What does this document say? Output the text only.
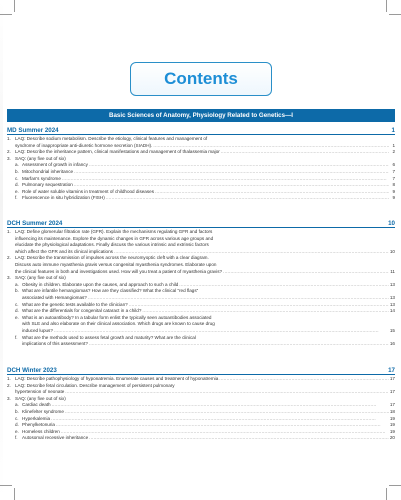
Contents
Basic Sciences of Anatomy, Physiology Related to Genetics—I
MD Summer 2024	1
1. LAQ: Describe sodium metabolism. Describe the etiology, clinical features and management of
syndrome of inappropriate anti-diuretic hormone secretion (SIADH). .....	1
2. LAQ: Describe the inheritance pattern, clinical manifestations and management of thalassemia major .....	2
3. SAQ: (any five out of six)
a. Assessment of growth in infancy .....	6
b. Mitochondrial inheritance .....	7
c. Marfan's syndrome .....	7
d. Pulmonary sequestration .....	8
e. Role of water soluble vitamins in treatment of childhood diseases .....	9
f. Fluorescence in situ hybridization (FISH) .....	9
DCH Summer 2024	10
1. LAQ: Define glomerular filtration rate (GFR). Explain the mechanisms regulating GFR and factors
influencing its maintenance. Explore the dynamic changes in GFR across various age groups and
elucidate the physiological adaptations. Finally discuss the various intrinsic and extrinsic factors
which affect the GFR and its clinical implications .....	10
2. LAQ: Describe the transmission of impulses across the neuromyoptic cleft with a clear diagram.
Discuss auto immune myasthenia gravis versus congenital myasthenia syndromes. Elaborate upon
the clinical features in both and investigations used. How will you treat a patient of myasthenia gravis? .....	11
3. SAQ: (any five out of six)
a. Obesity in children. Elaborate upon the causes, and approach to such a child .....	13
b. What are infantile hemangiomas? How are they classified? What the clinical “red flags”
associated with Hemangiomas? .....	13
c. What are the genetic tests available to the clinician? .....	13
d. What are the differentials for congenital cataract in a child? .....	14
e. What is an autoantibody? In a tabular form enlist the typically seen autoantibodies associated
with SLE and also elaborate on their clinical association. Which drugs are known to cause drug
induced lupus? .....	15
f. What are the methods used to assess fetal growth and maturity? What are the clinical
implications of this assessment? .....	16
DCH Winter 2023	17
1. LAQ: Describe pathophysiology of hyponatremia. Enumerate causes and treatment of hyponatremia .....	17
2. LAQ: Describe fetal circulation. Describe management of persistent pulmonary
hypertension of neonate .....	17
3. SAQ: (any five out of six)
a. Cardiac death .....	17
b. Klinefelter syndrome .....	18
c. Hyperkalemia .....	19
d. Phenylketonuria .....	19
e. Homeless children .....	19
f. Autosomal recessive inheritance .....	20
